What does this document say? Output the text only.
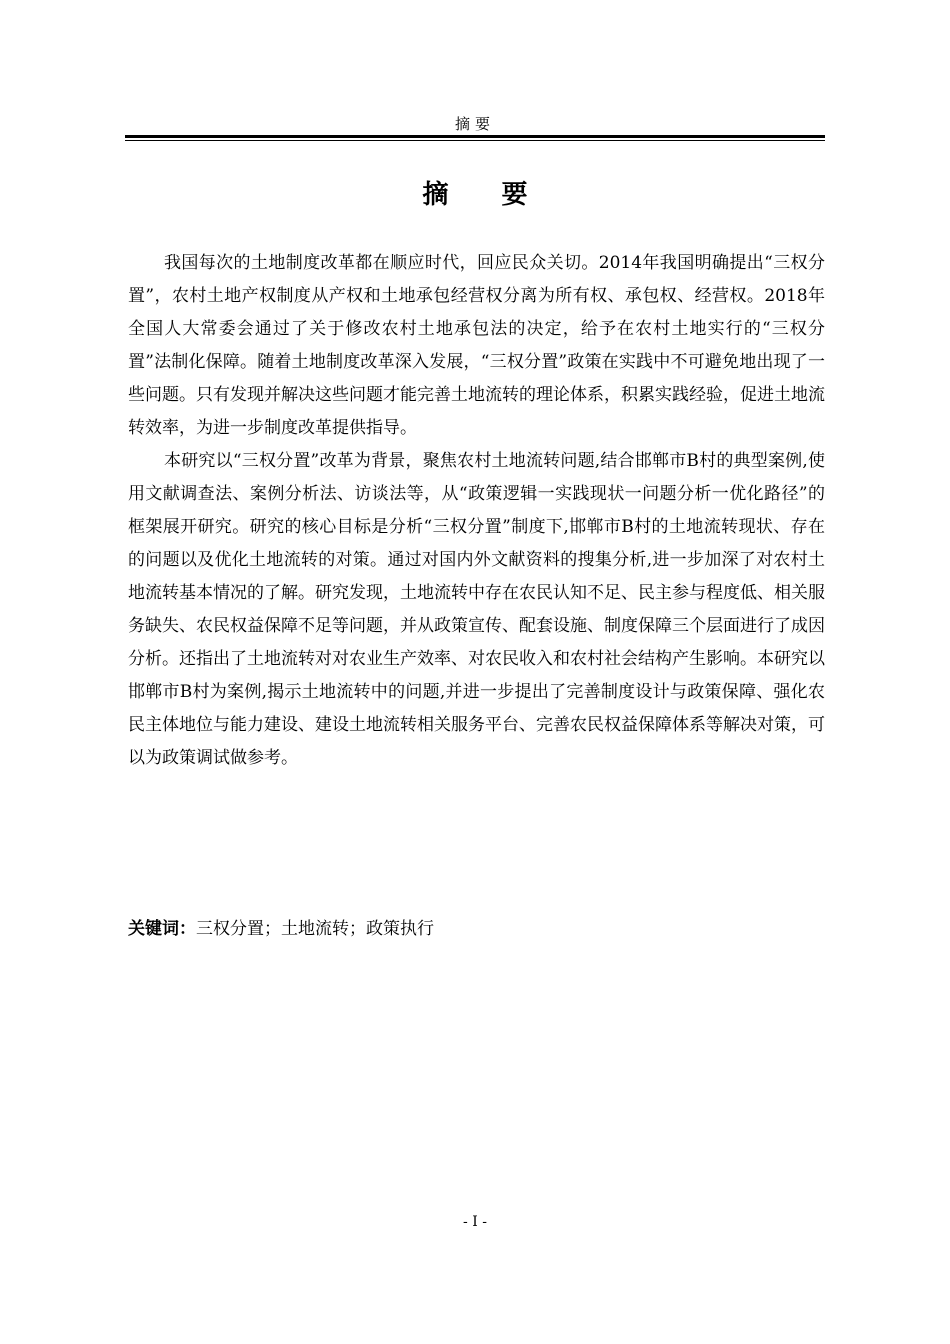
摘要
摘 要

我国每次的土地制度改革都在顺应时代，回应民众关切。2014年我国明确提出“三权分置”，农村土地产权制度从产权和土地承包经营权分离为所有权、承包权、经营权。2018年全国人大常委会通过了关于修改农村土地承包法的决定，给予在农村土地实行的“三权分置”法制化保障。随着土地制度改革深入发展，“三权分置”政策在实践中不可避免地出现了一些问题。只有发现并解决这些问题才能完善土地流转的理论体系，积累实践经验，促进土地流转效率，为进一步制度改革提供指导。

本研究以“三权分置”改革为背景，聚焦农村土地流转问题,结合邯郸市B村的典型案例,使用文献调查法、案例分析法、访谈法等，从“政策逻辑一实践现状一问题分析一优化路径”的框架展开研究。研究的核心目标是分析“三权分置”制度下,邯郸市B村的土地流转现状、存在的问题以及优化土地流转的对策。通过对国内外文献资料的搜集分析,进一步加深了对农村土地流转基本情况的了解。研究发现，土地流转中存在农民认知不足、民主参与程度低、相关服务缺失、农民权益保障不足等问题，并从政策宣传、配套设施、制度保障三个层面进行了成因分析。还指出了土地流转对对农业生产效率、对农民收入和农村社会结构产生影响。本研究以邯郸市B村为案例,揭示土地流转中的问题,并进一步提出了完善制度设计与政策保障、强化农民主体地位与能力建设、建设土地流转相关服务平台、完善农民权益保障体系等解决对策，可以为政策调试做参考。

关键词：三权分置；土地流转；政策执行
- I -
